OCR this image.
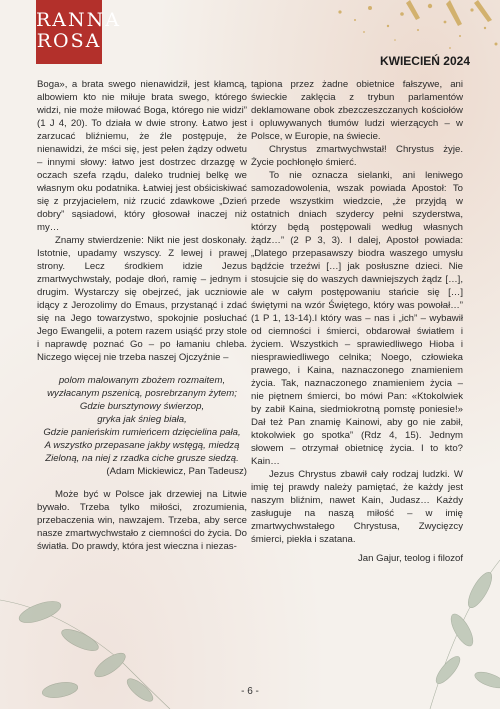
RANNA
ROSA
KWIECIEŃ 2024

Boga», a brata swego nienawidził, jest kłamcą, albowiem kto nie miłuje brata swego, którego widzi, nie może miłować Boga, którego nie widzi” (1 J 4, 20). To działa w dwie strony. Łatwo jest zarzucać bliźniemu, że źle postępuje, że nienawidzi, że mści się, jest pełen żądzy odwetu – innymi słowy: łatwo jest dostrzec drzazgę w oczach szefa rządu, daleko trudniej belkę we własnym oku podatnika. Łatwiej jest obśiciskiwać się z przyjacielem, niż rzucić zdawkowe „Dzień dobry” sąsiadowi, który głosował inaczej niż my…

Znamy stwierdzenie: Nikt nie jest doskonały. Istotnie, upadamy wszyscy. Z lewej i prawej strony. Lecz środkiem idzie Jezus zmartwychwstały, podaje dłoń, ramię – jednym i drugim. Wystarczy się obejrzeć, jak uczniowie idący z Jerozolimy do Emaus, przystanąć i zdać się na Jego towarzystwo, spokojnie posłuchać Jego Ewangelii, a potem razem usiąść przy stole i naprawdę poznać Go – po łamaniu chleba. Niczego więcej nie trzeba naszej Ojczyźnie –

polom malowanym zbożem rozmaitem,
wyzłacanym pszenicą, posrebrzanym żytem;
Gdzie bursztynowy świerzop,
gryka jak śnieg biała,
Gdzie panieńskim rumieńcem dzięcielina pała,
A wszystko przepasane jakby wstęgą, miedzą
Zieloną, na niej z rzadka ciche grusze siedzą.
(Adam Mickiewicz, Pan Tadeusz)

Może być w Polsce jak drzewiej na Litwie bywało. Trzeba tylko miłości, zrozumienia, przebaczenia win, nawzajem. Trzeba, aby serce nasze zmartwychwstało z ciemności do życia. Do światła. Do prawdy, która jest wieczna i niezas-

tąpiona przez żadne obietnice fałszywe, ani świeckie zaklęcia z trybun parlamentów deklamowane obok zbezczeszczanych kościołów i opluwywanych tłumów ludzi wierzących – w Polsce, w Europie, na świecie.

Chrystus zmartwychwstał! Chrystus żyje. Życie pochłonęło śmierć.

To nie oznacza sielanki, ani leniwego samozadowolenia, wszak powiada Apostoł: To przede wszystkim wiedzcie, „że przyjdą w ostatnich dniach szydercy pełni szyderstwa, którzy będą postępowali według własnych żądz…” (2 P 3, 3). I dalej, Apostoł powiada: „Dlatego przepasawszy biodra waszego umysłu bądźcie trzeźwi […] jak posłuszne dzieci. Nie stosujcie się do waszych dawniejszych żądz […], ale w całym postępowaniu stańcie się […] świętymi na wzór Świętego, który was powołał…” (1 P 1, 13-14).I który was – nas i „ich” – wybawił od ciemności i śmierci, obdarował światłem i życiem. Wszystkich – sprawiedliwego Hioba i niesprawiedliwego celnika; Noego, człowieka prawego, i Kaina, naznaczonego znamieniem życia. Tak, naznaczonego znamieniem życia – nie piętnem śmierci, bo mówi Pan: «Ktokolwiek by zabił Kaina, siedmiokrotną pomstę poniesie!» Dał też Pan znamię Kainowi, aby go nie zabił, ktokolwiek go spotka” (Rdz 4, 15). Jednym słowem – otrzymał obietnicę życia. I to kto? Kain…

Jezus Chrystus zbawił cały rodzaj ludzki. W imię tej prawdy należy pamiętać, że każdy jest naszym bliźnim, nawet Kain, Judasz… Każdy zasługuje na naszą miłość – w imię zmartwychwstałego Chrystusa, Zwycięzcy śmierci, piekła i szatana.

Jan Gajur, teolog i filozof

- 6 -
